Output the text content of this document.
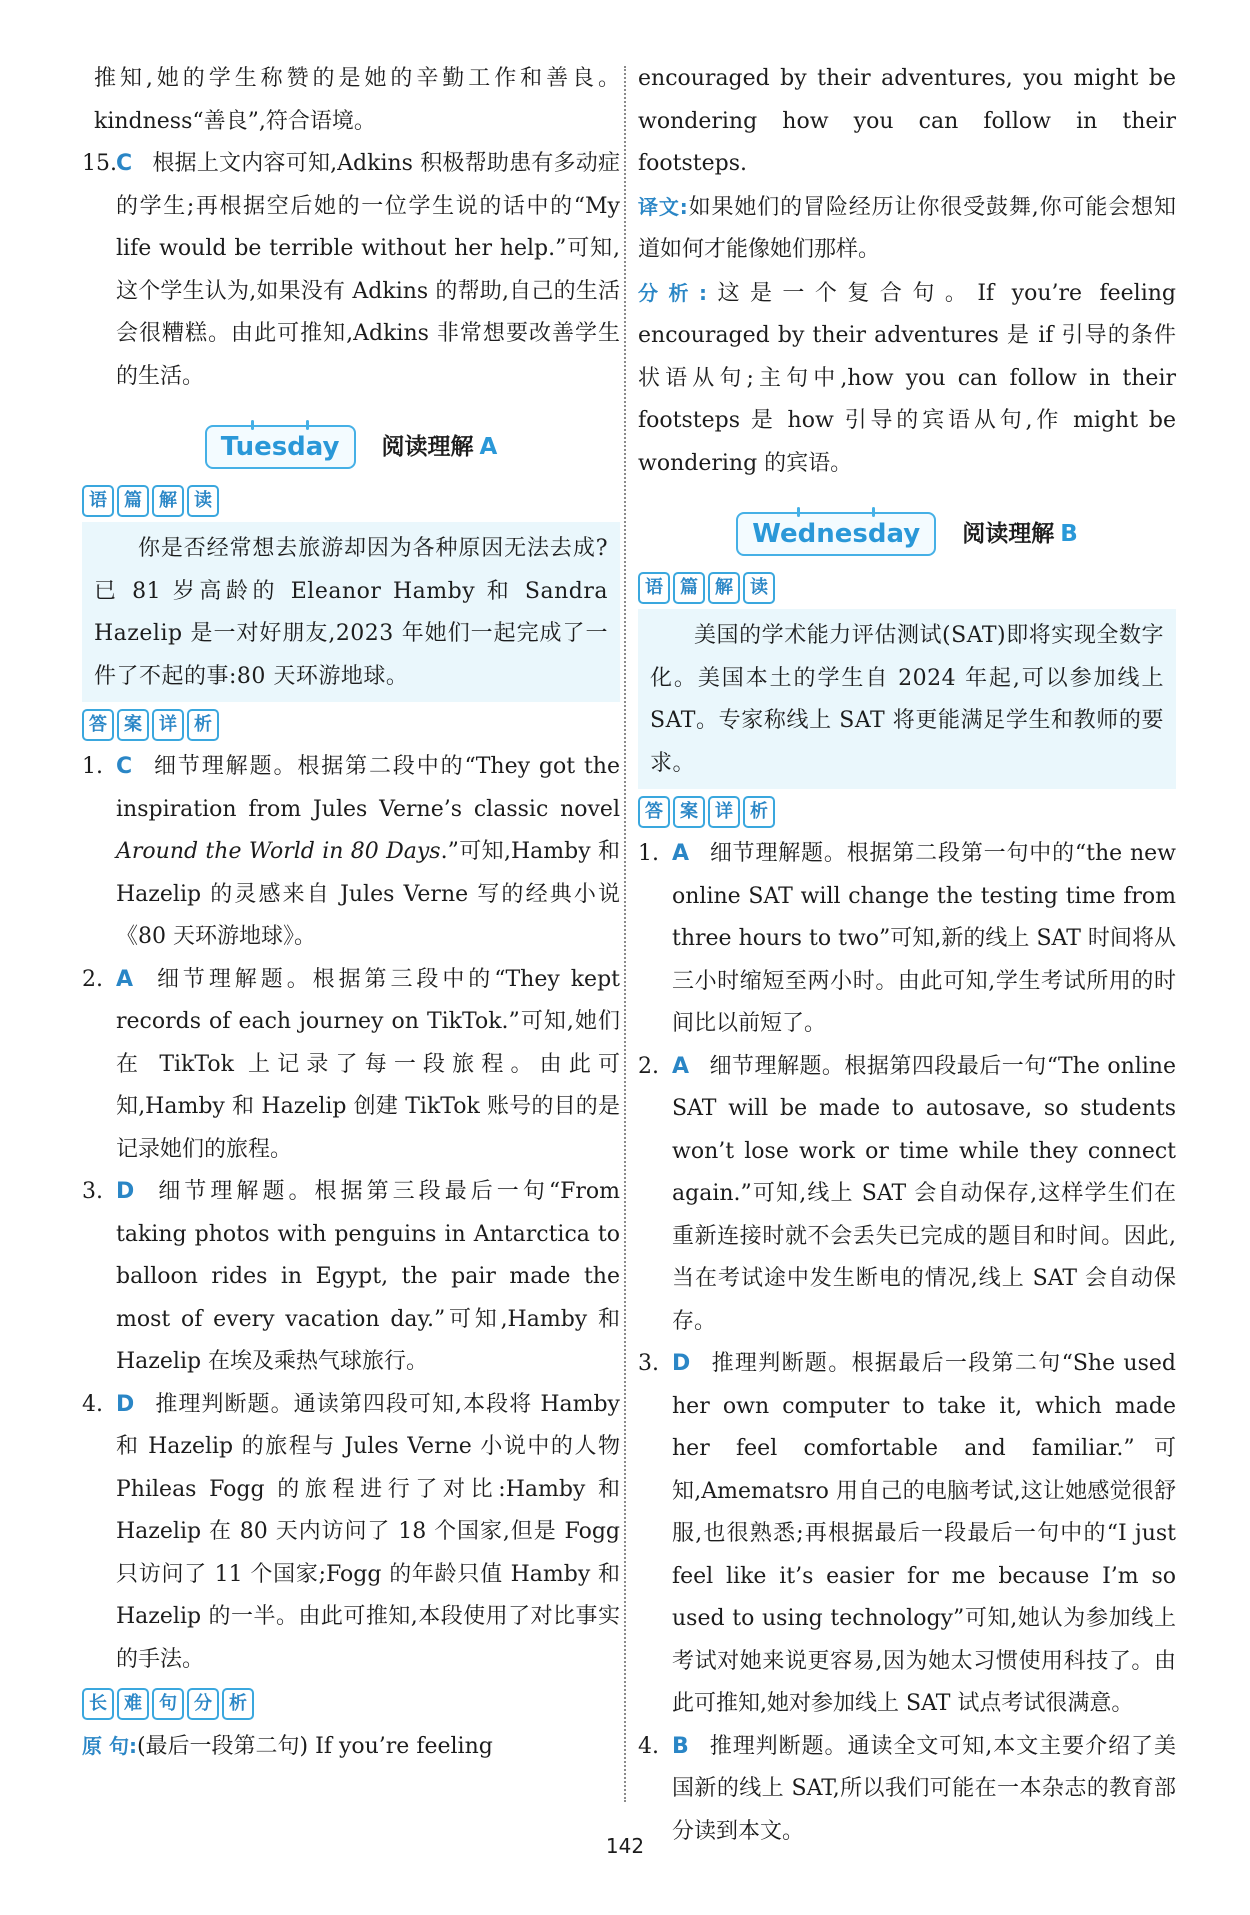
推知,她的学生称赞的是她的辛勤工作和善良。kindness“善良”,符合语境。

15.C 根据上文内容可知,Adkins 积极帮助患有多动症的学生;再根据空后她的一位学生说的话中的“My life would be terrible without her help.”可知,这个学生认为,如果没有 Adkins 的帮助,自己的生活会很糟糕。由此可推知,Adkins 非常想要改善学生的生活。

Tuesday	阅读理解 A
语 篇 解 读

你是否经常想去旅游却因为各种原因无法去成?已 81 岁高龄的 Eleanor Hamby 和 Sandra Hazelip 是一对好朋友,2023 年她们一起完成了一件了不起的事:80 天环游地球。

答 案 详 析

1. C 细节理解题。根据第二段中的“They got the inspiration from Jules Verne’s classic novel Around the World in 80 Days.”可知,Hamby 和 Hazelip 的灵感来自 Jules Verne 写的经典小说《80 天环游地球》。

2. A 细节理解题。根据第三段中的“They kept records of each journey on TikTok.”可知,她们在 TikTok 上记录了每一段旅程。由此可知,Hamby 和 Hazelip 创建 TikTok 账号的目的是记录她们的旅程。

3. D 细节理解题。根据第三段最后一句“From taking photos with penguins in Antarctica to balloon rides in Egypt, the pair made the most of every vacation day.”可知,Hamby 和 Hazelip 在埃及乘热气球旅行。

4. D 推理判断题。通读第四段可知,本段将 Hamby 和 Hazelip 的旅程与 Jules Verne 小说中的人物 Phileas Fogg 的旅程进行了对比:Hamby 和 Hazelip 在 80 天内访问了 18 个国家,但是 Fogg 只访问了 11 个国家;Fogg 的年龄只值 Hamby 和 Hazelip 的一半。由此可推知,本段使用了对比事实的手法。

长 难 句 分 析

原 句:(最后一段第二句) If you’re feeling

encouraged by their adventures, you might be wondering how you can follow in their footsteps.

译文:如果她们的冒险经历让你很受鼓舞,你可能会想知道如何才能像她们那样。

分析:这是一个复合句。If you’re feeling encouraged by their adventures 是 if 引导的条件状语从句;主句中,how you can follow in their footsteps 是 how 引导的宾语从句,作 might be wondering 的宾语。

Wednesday	阅读理解 B
语 篇 解 读

美国的学术能力评估测试(SAT)即将实现全数字化。美国本土的学生自 2024 年起,可以参加线上 SAT。专家称线上 SAT 将更能满足学生和教师的要求。

答 案 详 析

1. A 细节理解题。根据第二段第一句中的“the new online SAT will change the testing time from three hours to two”可知,新的线上 SAT 时间将从三小时缩短至两小时。由此可知,学生考试所用的时间比以前短了。

2. A 细节理解题。根据第四段最后一句“The online SAT will be made to autosave, so students won’t lose work or time while they connect again.”可知,线上 SAT 会自动保存,这样学生们在重新连接时就不会丢失已完成的题目和时间。因此,当在考试途中发生断电的情况,线上 SAT 会自动保存。

3. D 推理判断题。根据最后一段第二句“She used her own computer to take it, which made her feel comfortable and familiar.”可知,Amematsro 用自己的电脑考试,这让她感觉很舒服,也很熟悉;再根据最后一段最后一句中的“I just feel like it’s easier for me because I’m so used to using technology”可知,她认为参加线上考试对她来说更容易,因为她太习惯使用科技了。由此可推知,她对参加线上 SAT 试点考试很满意。

4. B 推理判断题。通读全文可知,本文主要介绍了美国新的线上 SAT,所以我们可能在一本杂志的教育部分读到本文。

142
